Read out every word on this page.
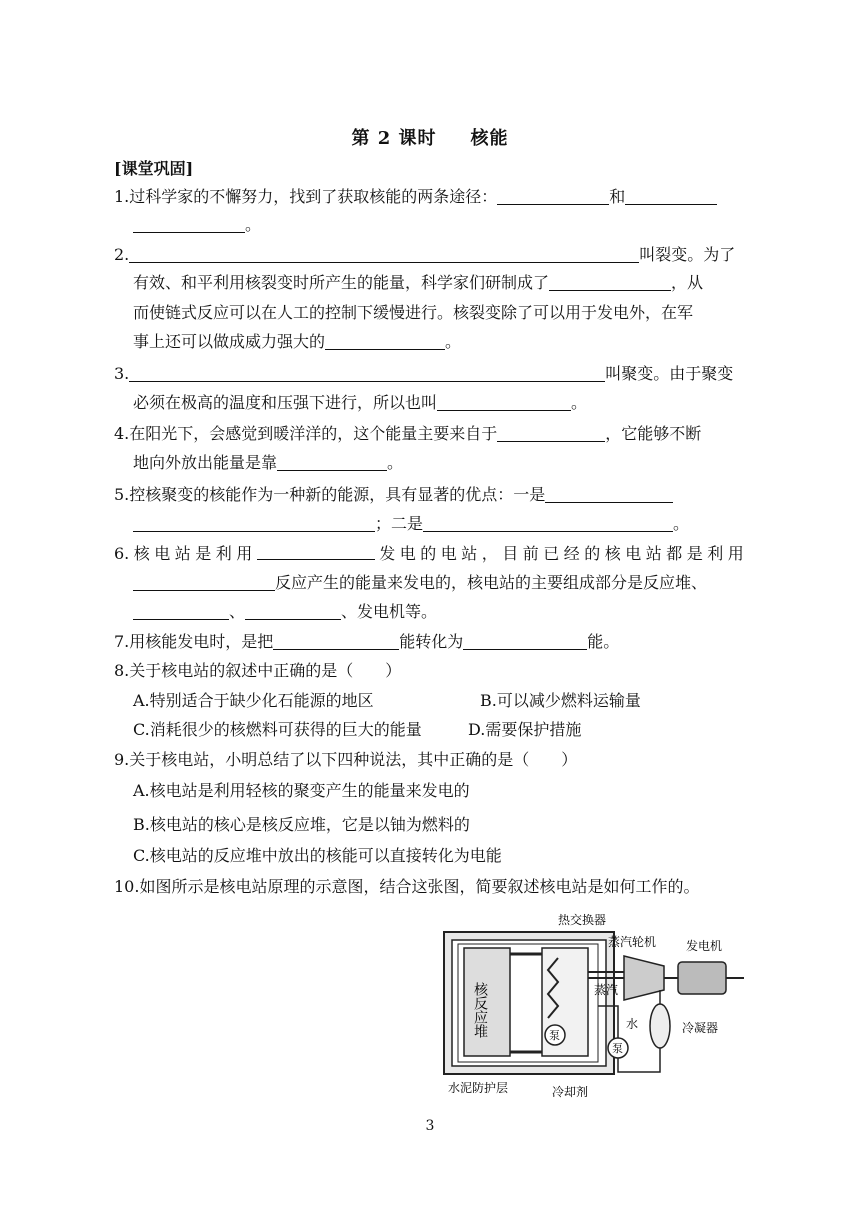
第 2 课时 核能
[课堂巩固]
1.过科学家的不懈努力，找到了获取核能的两条途径：	和
。
2.	叫裂变。为了
有效、和平利用核裂变时所产生的能量，科学家们研制成了	，从
而使链式反应可以在人工的控制下缓慢进行。核裂变除了可以用于发电外，在军
事上还可以做成威力强大的	。
3.	叫聚变。由于聚变
必须在极高的温度和压强下进行，所以也叫	。
4.在阳光下，会感觉到暖洋洋的，这个能量主要来自于	，它能够不断
地向外放出能量是靠	。
5.控核聚变的核能作为一种新的能源，具有显著的优点：一是
；二是	。
6. 核 电 站 是 利 用	发 电 的 电 站 ， 目 前 已 经 的 核 电 站 都 是 利 用
反应产生的能量来发电的，核电站的主要组成部分是反应堆、
、	、发电机等。
7.用核能发电时，是把	能转化为	能。
8.关于核电站的叙述中正确的是（　　）
A.特别适合于缺少化石能源的地区	B.可以减少燃料运输量
C.消耗很少的核燃料可获得的巨大的能量	D.需要保护措施
9.关于核电站，小明总结了以下四种说法，其中正确的是（　　）
A.核电站是利用轻核的聚变产生的能量来发电的
B.核电站的核心是核反应堆，它是以铀为燃料的
C.核电站的反应堆中放出的核能可以直接转化为电能
10.如图所示是核电站原理的示意图，结合这张图，简要叙述核电站是如何工作的。
热交换器
蒸汽轮机 发电机
蒸汽
水	冷凝器
泵
泵
水泥防护层	冷却剂
核反应堆
3
